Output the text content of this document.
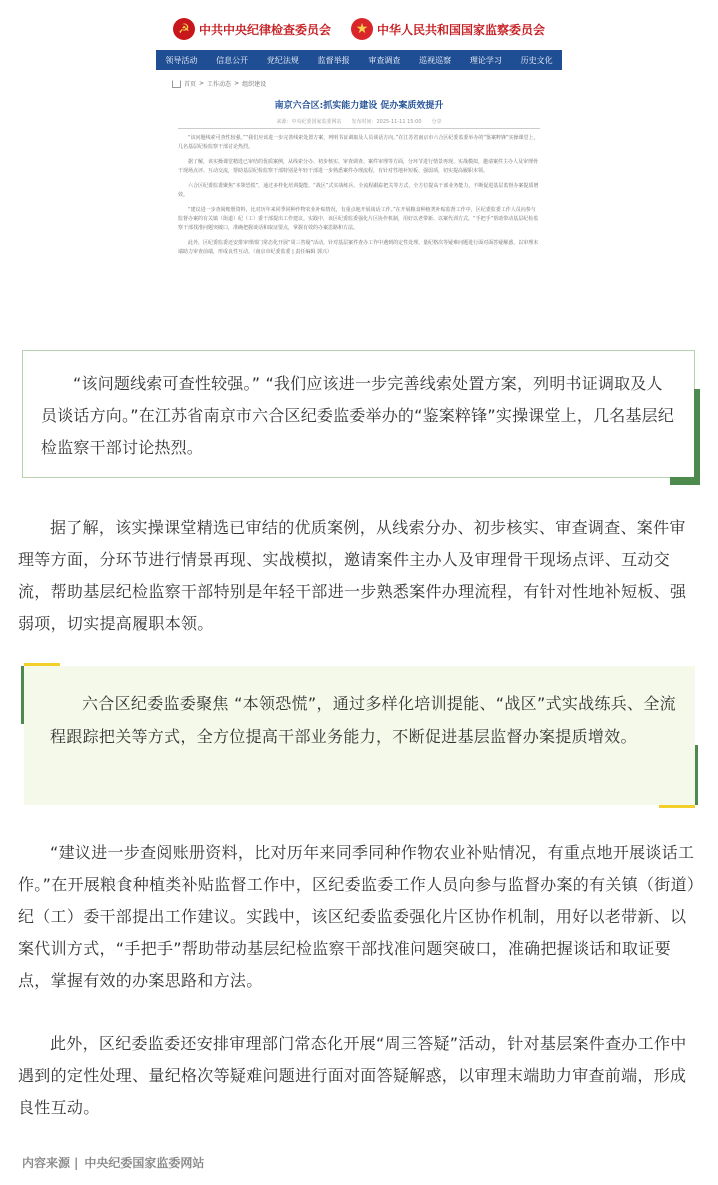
☭ 中共中央纪律检查委员会	★ 中华人民共和国国家监察委员会
领导活动 信息公开 党纪法规 监督举报 审查调查 巡视巡察 理论学习 历史文化
首页 > 工作动态 > 组织建设
南京六合区:抓实能力建设 促办案质效提升
来源：中央纪委国家监委网站　　发布时间：2025-11-11 15:00　　分享

“该问题线索可查性较强。”“我们应该进一步完善线索处置方案，列明书证调取及人员谈话方向。”在江苏省南京市六合区纪委监委举办的“鉴案粹锋”实操课堂上，几名基层纪检监察干部讨论热烈。

据了解，该实操课堂精选已审结的优质案例，从线索分办、初步核实、审查调查、案件审理等方面，分环节进行情景再现、实战模拟，邀请案件主办人及审理骨干现场点评、互动交流，帮助基层纪检监察干部特别是年轻干部进一步熟悉案件办理流程，有针对性地补短板、强弱项，切实提高履职本领。

六合区纪委监委聚焦“本领恐慌”，通过多样化培训提能、“战区”式实战练兵、全流程跟踪把关等方式，全方位提高干部业务能力，不断促进基层监督办案提质增效。

“建议进一步查阅账册资料，比对历年来同季同种作物农业补贴情况，有重点地开展谈话工作。”在开展粮食种植类补贴监督工作中，区纪委监委工作人员向参与监督办案的有关镇（街道）纪（工）委干部提出工作建议。实践中，该区纪委监委强化片区协作机制，用好以老带新、以案代训方式，“手把手”帮助带动基层纪检监察干部找准问题突破口，准确把握谈话和取证要点，掌握有效的办案思路和方法。

此外，区纪委监委还安排审理部门常态化开展“周三答疑”活动，针对基层案件查办工作中遇到的定性处理、量纪格次等疑难问题进行面对面答疑解惑，以审理末端助力审查前端，形成良性互动。（南京市纪委监委 | 责任编辑 郭兴）

“该问题线索可查性较强。” “我们应该进一步完善线索处置方案，列明书证调取及人员谈话方向。”在江苏省南京市六合区纪委监委举办的“鉴案粹锋”实操课堂上，几名基层纪检监察干部讨论热烈。

据了解，该实操课堂精选已审结的优质案例，从线索分办、初步核实、审查调查、案件审理等方面，分环节进行情景再现、实战模拟，邀请案件主办人及审理骨干现场点评、互动交流，帮助基层纪检监察干部特别是年轻干部进一步熟悉案件办理流程，有针对性地补短板、强弱项，切实提高履职本领。

六合区纪委监委聚焦 “本领恐慌”，通过多样化培训提能、“战区”式实战练兵、全流程跟踪把关等方式，全方位提高干部业务能力，不断促进基层监督办案提质增效。

“建议进一步查阅账册资料，比对历年来同季同种作物农业补贴情况，有重点地开展谈话工作。”在开展粮食种植类补贴监督工作中，区纪委监委工作人员向参与监督办案的有关镇（街道）纪（工）委干部提出工作建议。实践中，该区纪委监委强化片区协作机制，用好以老带新、以案代训方式，“手把手”帮助带动基层纪检监察干部找准问题突破口，准确把握谈话和取证要点，掌握有效的办案思路和方法。

此外，区纪委监委还安排审理部门常态化开展“周三答疑”活动，针对基层案件查办工作中遇到的定性处理、量纪格次等疑难问题进行面对面答疑解惑，以审理末端助力审查前端，形成良性互动。

内容来源 | 中央纪委国家监委网站
